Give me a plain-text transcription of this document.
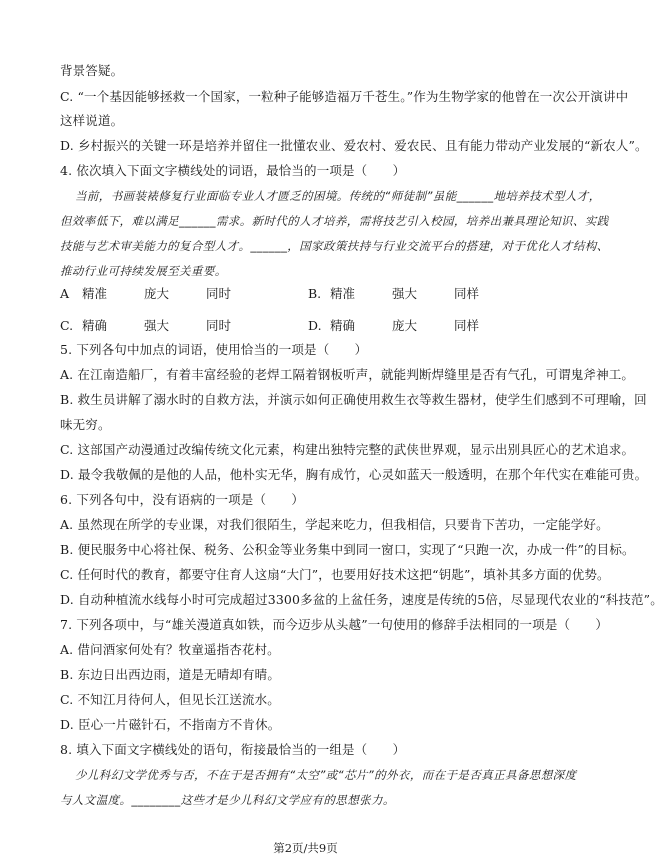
背景答疑。
C. “一个基因能够拯救一个国家，一粒种子能够造福万千苍生。”作为生物学家的他曾在一次公开演讲中
这样说道。
D. 乡村振兴的关键一环是培养并留住一批懂农业、爱农村、爱农民、且有能力带动产业发展的“新农人”。
4. 依次填入下面文字横线处的词语，最恰当的一项是（　　）
当前，书画装裱修复行业面临专业人才匮乏的困境。传统的“师徒制”虽能______地培养技术型人才，
但效率低下，难以满足______需求。新时代的人才培养，需将技艺引入校园，培养出兼具理论知识、实践
技能与艺术审美能力的复合型人才。______，国家政策扶持与行业交流平台的搭建，对于优化人才结构、
推动行业可持续发展至关重要。
A 精准	庞大	同时	B. 精准	强大	同样
C. 精确	强大	同时	D. 精确	庞大	同样
5. 下列各句中加点的词语，使用恰当的一项是（　　）
A. 在江南造船厂，有着丰富经验的老焊工隔着钢板听声，就能判断焊缝里是否有气孔，可谓鬼斧神工。
B. 救生员讲解了溺水时的自救方法，并演示如何正确使用救生衣等救生器材，使学生们感到不可理喻，回
味无穷。
C. 这部国产动漫通过改编传统文化元素，构建出独特完整的武侠世界观，显示出别具匠心的艺术追求。
D. 最令我敬佩的是他的人品，他朴实无华，胸有成竹，心灵如蓝天一般透明，在那个年代实在难能可贵。
6. 下列各句中，没有语病的一项是（　　）
A. 虽然现在所学的专业课，对我们很陌生，学起来吃力，但我相信，只要肯下苦功，一定能学好。
B. 便民服务中心将社保、税务、公积金等业务集中到同一窗口，实现了“只跑一次，办成一件”的目标。
C. 任何时代的教育，都要守住育人这扇“大门”，也要用好技术这把“钥匙”，填补其多方面的优势。
D. 自动种植流水线每小时可完成超过3300多盆的上盆任务，速度是传统的5倍，尽显现代农业的“科技范”。
7. 下列各项中，与“雄关漫道真如铁，而今迈步从头越”一句使用的修辞手法相同的一项是（　　）
A. 借问酒家何处有？牧童遥指杏花村。
B. 东边日出西边雨，道是无晴却有晴。
C. 不知江月待何人，但见长江送流水。
D. 臣心一片磁针石，不指南方不肯休。
8. 填入下面文字横线处的语句，衔接最恰当的一组是（　　）
少儿科幻文学优秀与否，不在于是否拥有“太空”或“芯片”的外衣，而在于是否真正具备思想深度
与人文温度。________这些才是少儿科幻文学应有的思想张力。
第2页/共9页
